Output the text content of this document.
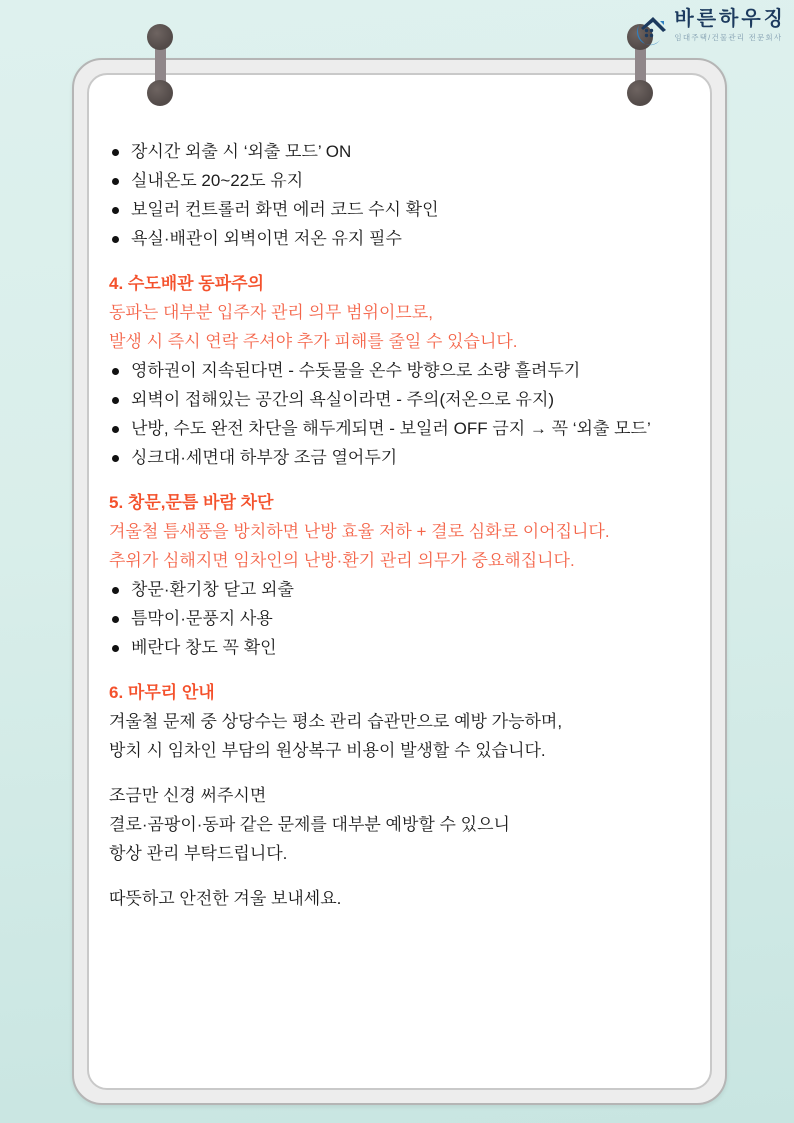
바른하우징
임대주택/건물관리 전문회사
장시간 외출 시 ‘외출 모드’ ON
실내온도 20~22도 유지
보일러 컨트롤러 화면 에러 코드 수시 확인
욕실·배관이 외벽이면 저온 유지 필수
4. 수도배관 동파주의
동파는 대부분 입주자 관리 의무 범위이므로,
발생 시 즉시 연락 주셔야 추가 피해를 줄일 수 있습니다.
영하권이 지속된다면 - 수돗물을 온수 방향으로 소량 흘려두기
외벽이 접해있는 공간의 욕실이라면 - 주의(저온으로 유지)
난방, 수도 완전 차단을 해두게되면 - 보일러 OFF 금지 → 꼭 ‘외출 모드’
싱크대·세면대 하부장 조금 열어두기
5. 창문,문틈 바람 차단
겨울철 틈새풍을 방치하면 난방 효율 저하 + 결로 심화로 이어집니다.
추위가 심해지면 임차인의 난방·환기 관리 의무가 중요해집니다.
창문·환기창 닫고 외출
틈막이·문풍지 사용
베란다 창도 꼭 확인
6. 마무리 안내
겨울철 문제 중 상당수는 평소 관리 습관만으로 예방 가능하며,
방치 시 임차인 부담의 원상복구 비용이 발생할 수 있습니다.
조금만 신경 써주시면
결로·곰팡이·동파 같은 문제를 대부분 예방할 수 있으니
항상 관리 부탁드립니다.
따뜻하고 안전한 겨울 보내세요.
